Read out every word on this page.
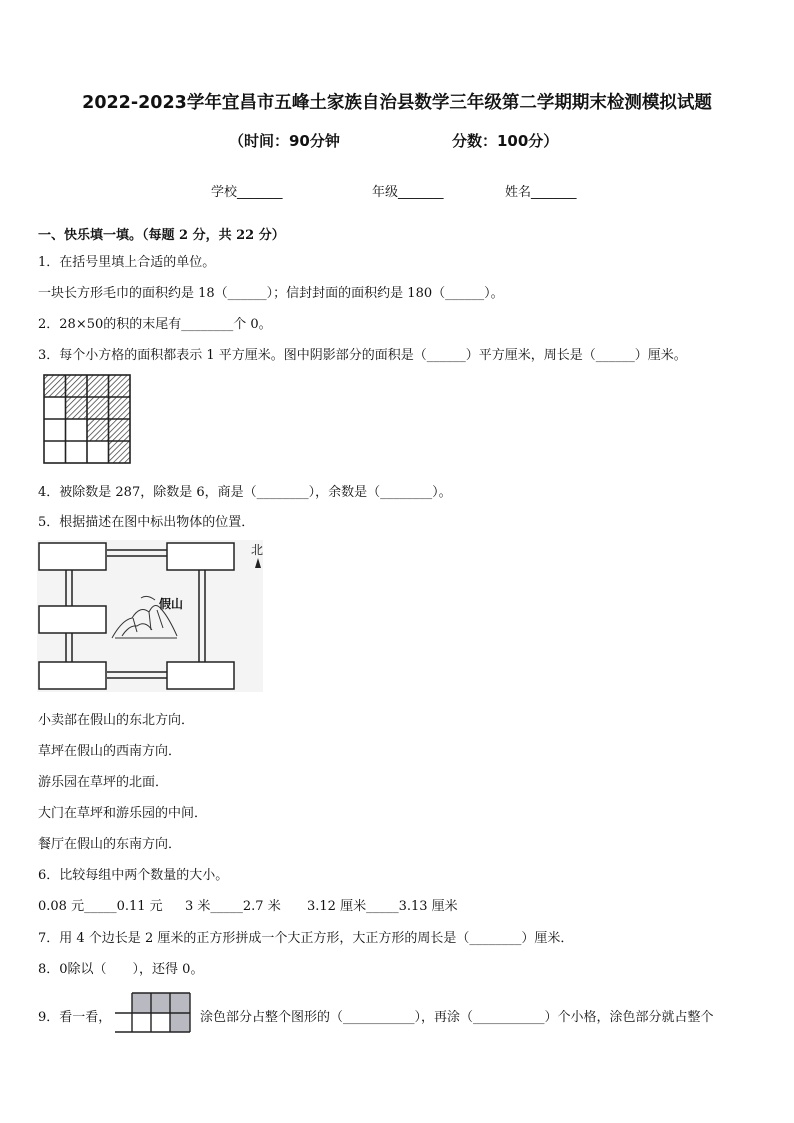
2022-2023学年宜昌市五峰土家族自治县数学三年级第二学期期末检测模拟试题
（时间：90分钟	分数：100分）
学校_______	年级_______	姓名_______
一、快乐填一填。（每题 2 分，共 22 分）
1．在括号里填上合适的单位。
一块长方形毛巾的面积约是 18（______）；信封封面的面积约是 180（______）。
2．28×50的积的末尾有________个 0。
3．每个小方格的面积都表示 1 平方厘米。图中阴影部分的面积是（______）平方厘米，周长是（______）厘米。
4．被除数是 287，除数是 6，商是（________），余数是（________）。
5．根据描述在图中标出物体的位置．
北
假山
小卖部在假山的东北方向．
草坪在假山的西南方向．
游乐园在草坪的北面．
大门在草坪和游乐园的中间．
餐厅在假山的东南方向．
6．比较每组中两个数量的大小。
0.08 元_____0.11 元 3 米_____2.7 米 3.12 厘米_____3.13 厘米
7．用 4 个边长是 2 厘米的正方形拼成一个大正方形，大正方形的周长是（________）厘米．
8．0除以（　　），还得 0。
9．看一看，	涂色部分占整个图形的（___________），再涂（___________）个小格，涂色部分就占整个
